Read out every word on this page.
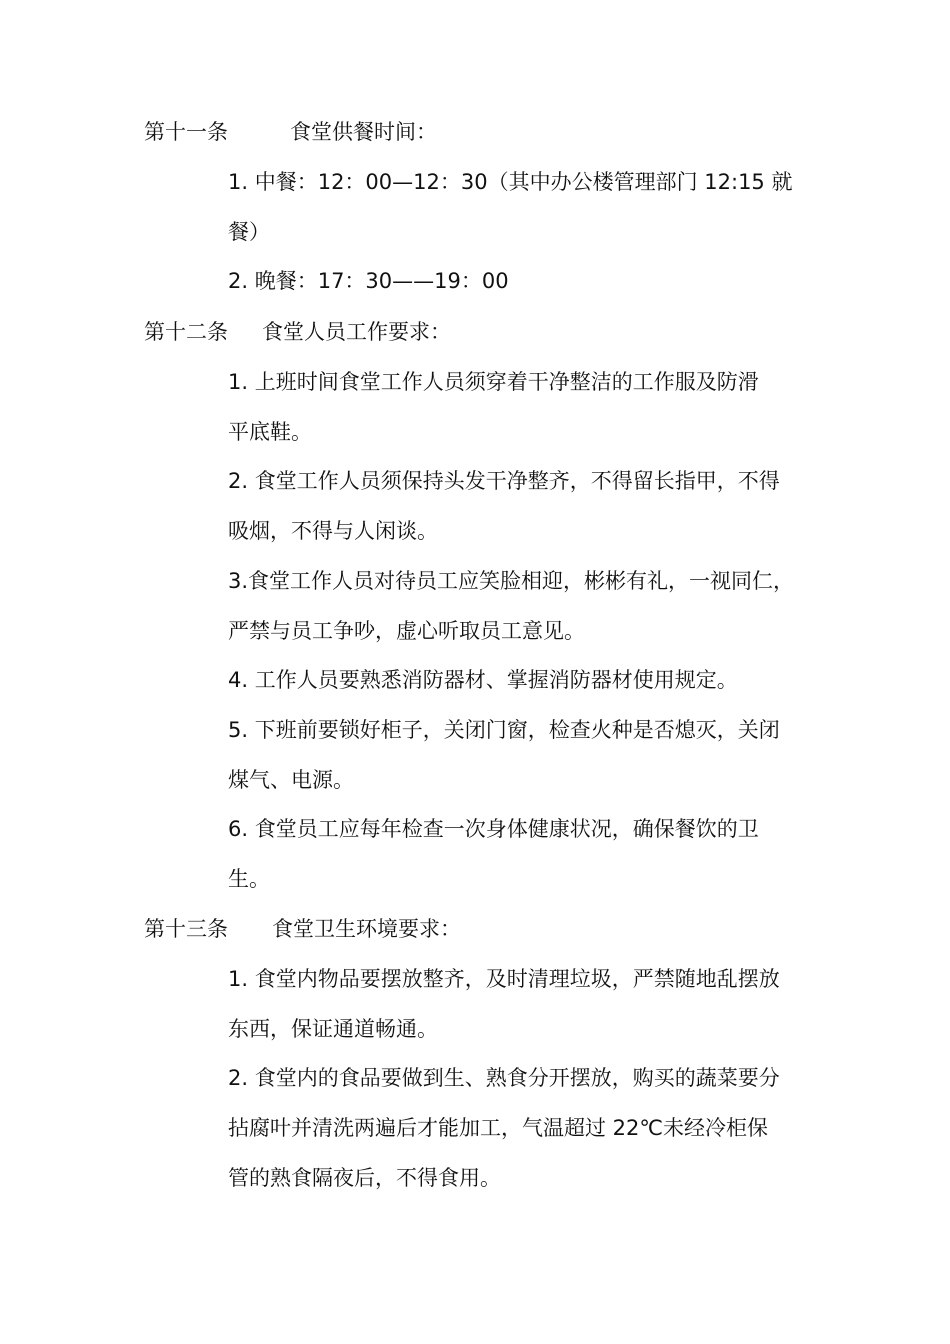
第十一条	食堂供餐时间：
1. 中餐：12：00—12：30（其中办公楼管理部门 12:15 就
餐）
2. 晚餐：17：30——19：00
第十二条 食堂人员工作要求：
1. 上班时间食堂工作人员须穿着干净整洁的工作服及防滑
平底鞋。
2. 食堂工作人员须保持头发干净整齐，不得留长指甲，不得
吸烟，不得与人闲谈。
3.食堂工作人员对待员工应笑脸相迎，彬彬有礼，一视同仁，
严禁与员工争吵，虚心听取员工意见。
4. 工作人员要熟悉消防器材、掌握消防器材使用规定。
5. 下班前要锁好柜子，关闭门窗，检查火种是否熄灭，关闭
煤气、电源。
6. 食堂员工应每年检查一次身体健康状况，确保餐饮的卫
生。
第十三条 食堂卫生环境要求：
1. 食堂内物品要摆放整齐，及时清理垃圾，严禁随地乱摆放
东西，保证通道畅通。
2. 食堂内的食品要做到生、熟食分开摆放，购买的蔬菜要分
拈腐叶并清洗两遍后才能加工，气温超过 22℃未经冷柜保
管的熟食隔夜后，不得食用。
